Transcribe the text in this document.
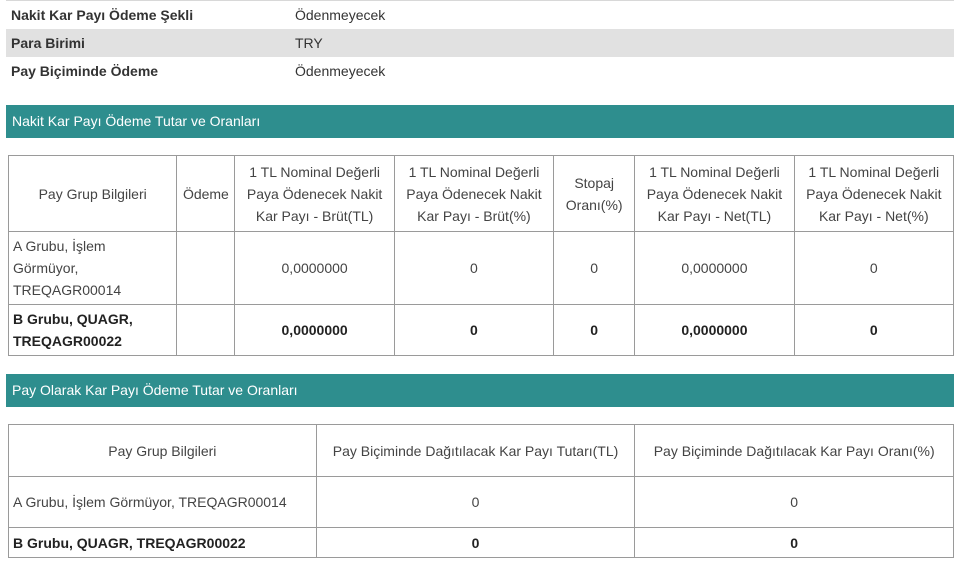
Nakit Kar Payı Ödeme Şekli	Ödenmeyecek
Para Birimi	TRY
Pay Biçiminde Ödeme	Ödenmeyecek
Nakit Kar Payı Ödeme Tutar ve Oranları
Pay Grup Bilgileri	Ödeme	1 TL Nominal Değerli Paya Ödenecek Nakit Kar Payı - Brüt(TL)	1 TL Nominal Değerli Paya Ödenecek Nakit Kar Payı - Brüt(%)	Stopaj Oranı(%)	1 TL Nominal Değerli Paya Ödenecek Nakit Kar Payı - Net(TL)	1 TL Nominal Değerli Paya Ödenecek Nakit Kar Payı - Net(%)
A Grubu, İşlem Görmüyor, TREQAGR00014		0,0000000	0	0	0,0000000	0
B Grubu, QUAGR, TREQAGR00022		0,0000000	0	0	0,0000000	0
Pay Olarak Kar Payı Ödeme Tutar ve Oranları
Pay Grup Bilgileri	Pay Biçiminde Dağıtılacak Kar Payı Tutarı(TL)	Pay Biçiminde Dağıtılacak Kar Payı Oranı(%)
A Grubu, İşlem Görmüyor, TREQAGR00014	0	0
B Grubu, QUAGR, TREQAGR00022	0	0
